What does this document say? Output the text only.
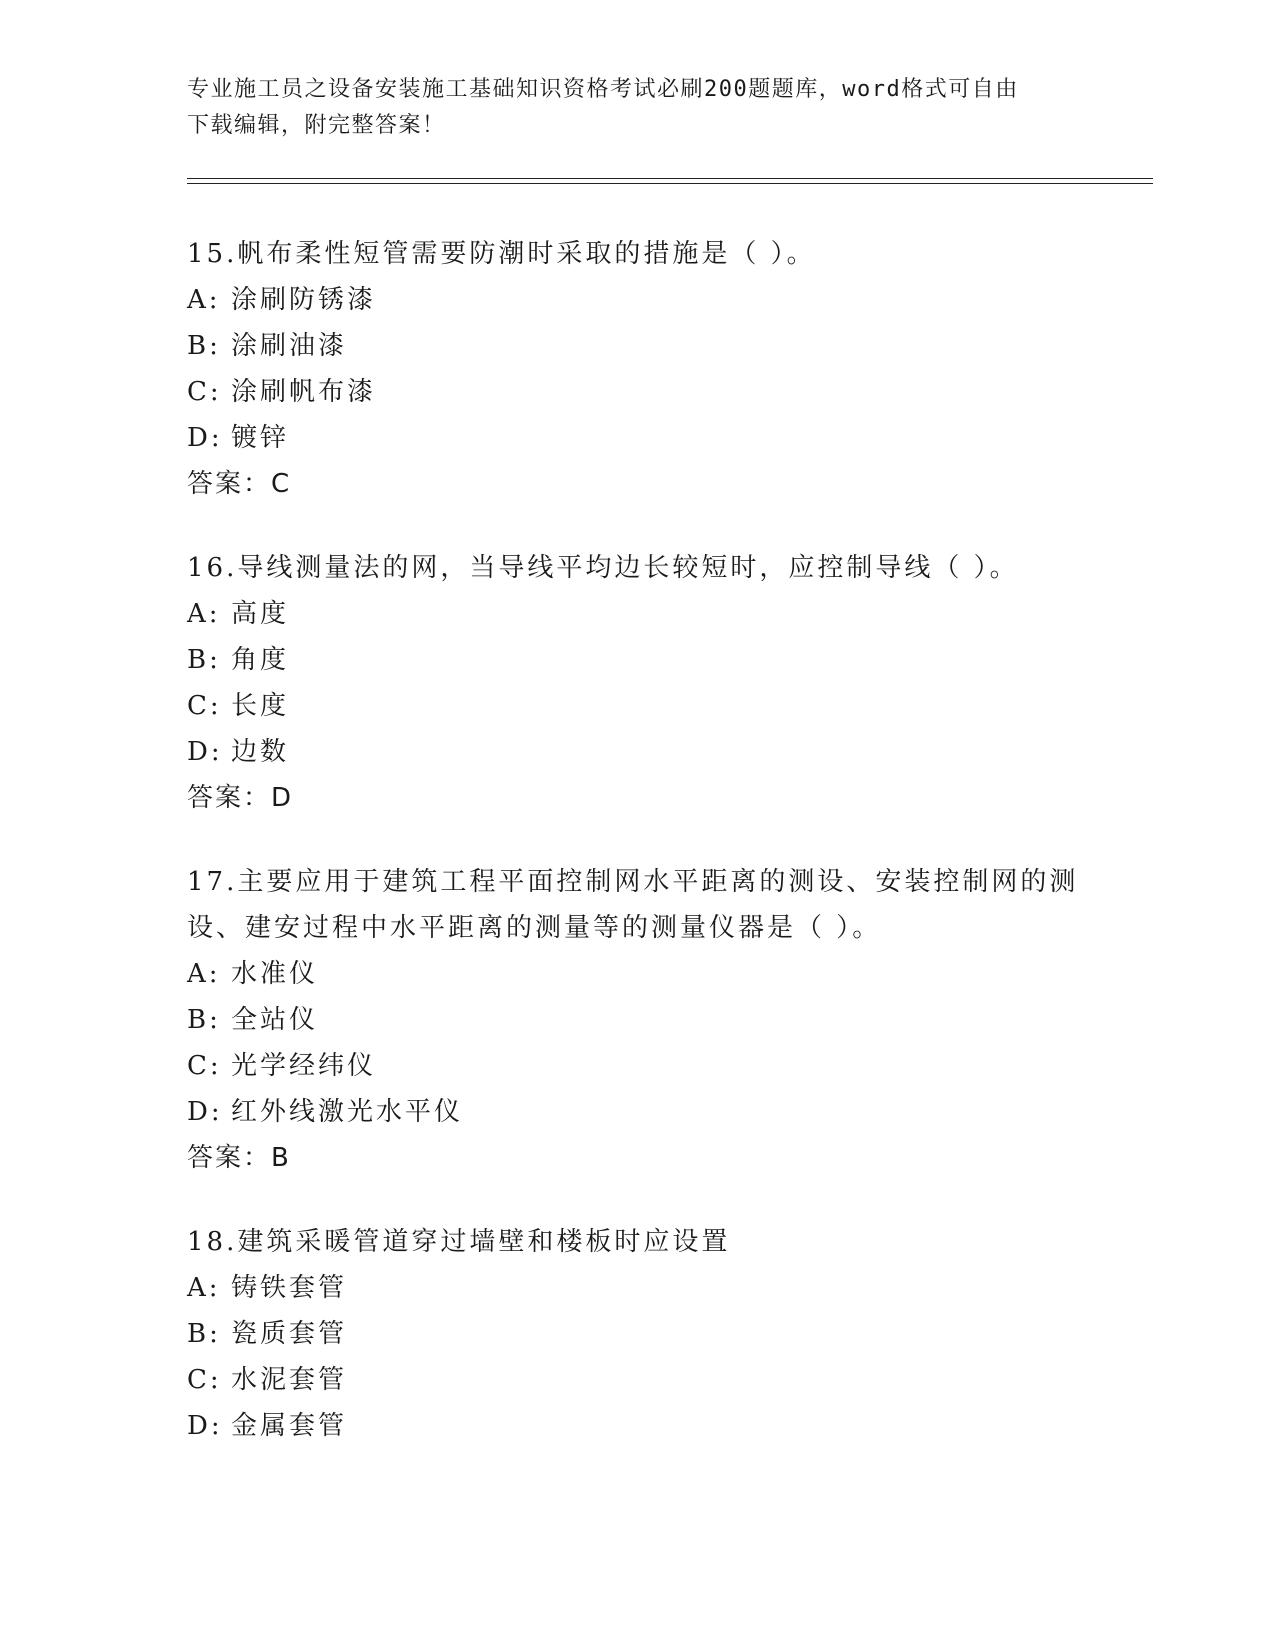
专业施工员之设备安装施工基础知识资格考试必刷200题题库，word格式可自由
下载编辑，附完整答案！

15.帆布柔性短管需要防潮时采取的措施是（ ）。

A: 涂刷防锈漆
B: 涂刷油漆
C: 涂刷帆布漆
D: 镀锌
答案：C

16.导线测量法的网，当导线平均边长较短时，应控制导线（ ）。

A: 高度
B: 角度
C: 长度
D: 边数
答案：D

17.主要应用于建筑工程平面控制网水平距离的测设、安装控制网的测设、建安过程中水平距离的测量等的测量仪器是（ ）。

A: 水准仪
B: 全站仪
C: 光学经纬仪
D: 红外线激光水平仪
答案：B

18.建筑采暖管道穿过墙壁和楼板时应设置

A: 铸铁套管
B: 瓷质套管
C: 水泥套管
D: 金属套管
